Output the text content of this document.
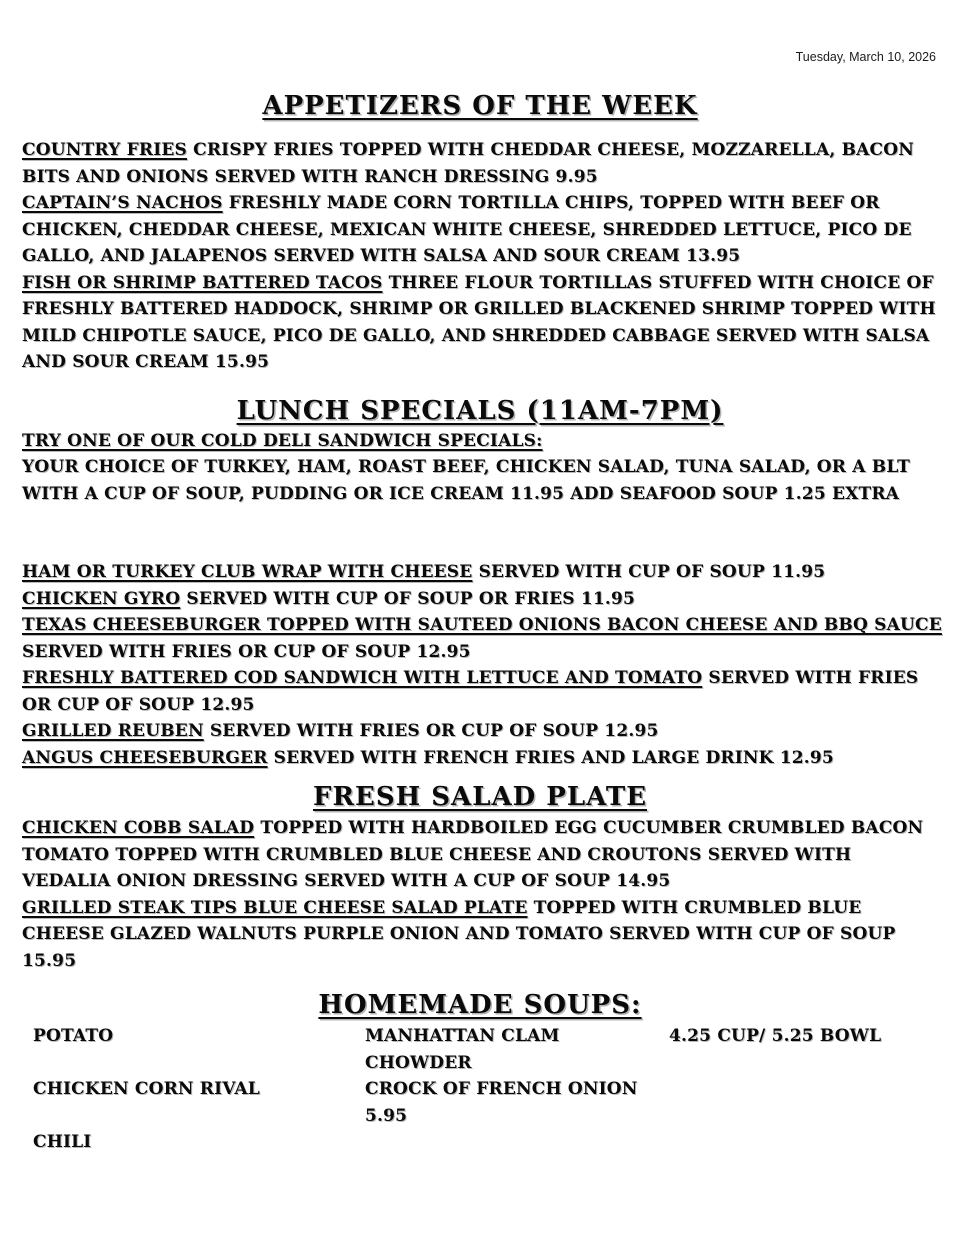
Tuesday, March 10, 2026
APPETIZERS OF THE WEEK
COUNTRY FRIES CRISPY FRIES TOPPED WITH CHEDDAR CHEESE, MOZZARELLA, BACON BITS AND ONIONS SERVED WITH RANCH DRESSING 9.95
CAPTAIN’S NACHOS FRESHLY MADE CORN TORTILLA CHIPS, TOPPED WITH BEEF OR CHICKEN, CHEDDAR CHEESE, MEXICAN WHITE CHEESE, SHREDDED LETTUCE, PICO DE GALLO, AND JALAPENOS SERVED WITH SALSA AND SOUR CREAM 13.95
FISH OR SHRIMP BATTERED TACOS THREE FLOUR TORTILLAS STUFFED WITH CHOICE OF FRESHLY BATTERED HADDOCK, SHRIMP OR GRILLED BLACKENED SHRIMP TOPPED WITH MILD CHIPOTLE SAUCE, PICO DE GALLO, AND SHREDDED CABBAGE SERVED WITH SALSA AND SOUR CREAM 15.95
LUNCH SPECIALS (11AM-7PM)
TRY ONE OF OUR COLD DELI SANDWICH SPECIALS:
YOUR CHOICE OF TURKEY, HAM, ROAST BEEF, CHICKEN SALAD, TUNA SALAD, OR A BLT WITH A CUP OF SOUP, PUDDING OR ICE CREAM 11.95 ADD SEAFOOD SOUP 1.25 EXTRA
HAM OR TURKEY CLUB WRAP WITH CHEESE SERVED WITH CUP OF SOUP 11.95
CHICKEN GYRO SERVED WITH CUP OF SOUP OR FRIES 11.95
TEXAS CHEESEBURGER TOPPED WITH SAUTEED ONIONS BACON CHEESE AND BBQ SAUCE SERVED WITH FRIES OR CUP OF SOUP 12.95
FRESHLY BATTERED COD SANDWICH WITH LETTUCE AND TOMATO SERVED WITH FRIES OR CUP OF SOUP 12.95
GRILLED REUBEN SERVED WITH FRIES OR CUP OF SOUP 12.95
ANGUS CHEESEBURGER SERVED WITH FRENCH FRIES AND LARGE DRINK 12.95
FRESH SALAD PLATE
CHICKEN COBB SALAD TOPPED WITH HARDBOILED EGG CUCUMBER CRUMBLED BACON TOMATO TOPPED WITH CRUMBLED BLUE CHEESE AND CROUTONS SERVED WITH VEDALIA ONION DRESSING SERVED WITH A CUP OF SOUP 14.95
GRILLED STEAK TIPS BLUE CHEESE SALAD PLATE TOPPED WITH CRUMBLED BLUE CHEESE GLAZED WALNUTS PURPLE ONION AND TOMATO SERVED WITH CUP OF SOUP 15.95
HOMEMADE SOUPS:
POTATO	MANHATTAN CLAM CHOWDER
4.25 CUP/ 5.25 BOWL
CHICKEN CORN RIVAL	CROCK OF FRENCH ONION 5.95
CHILI
